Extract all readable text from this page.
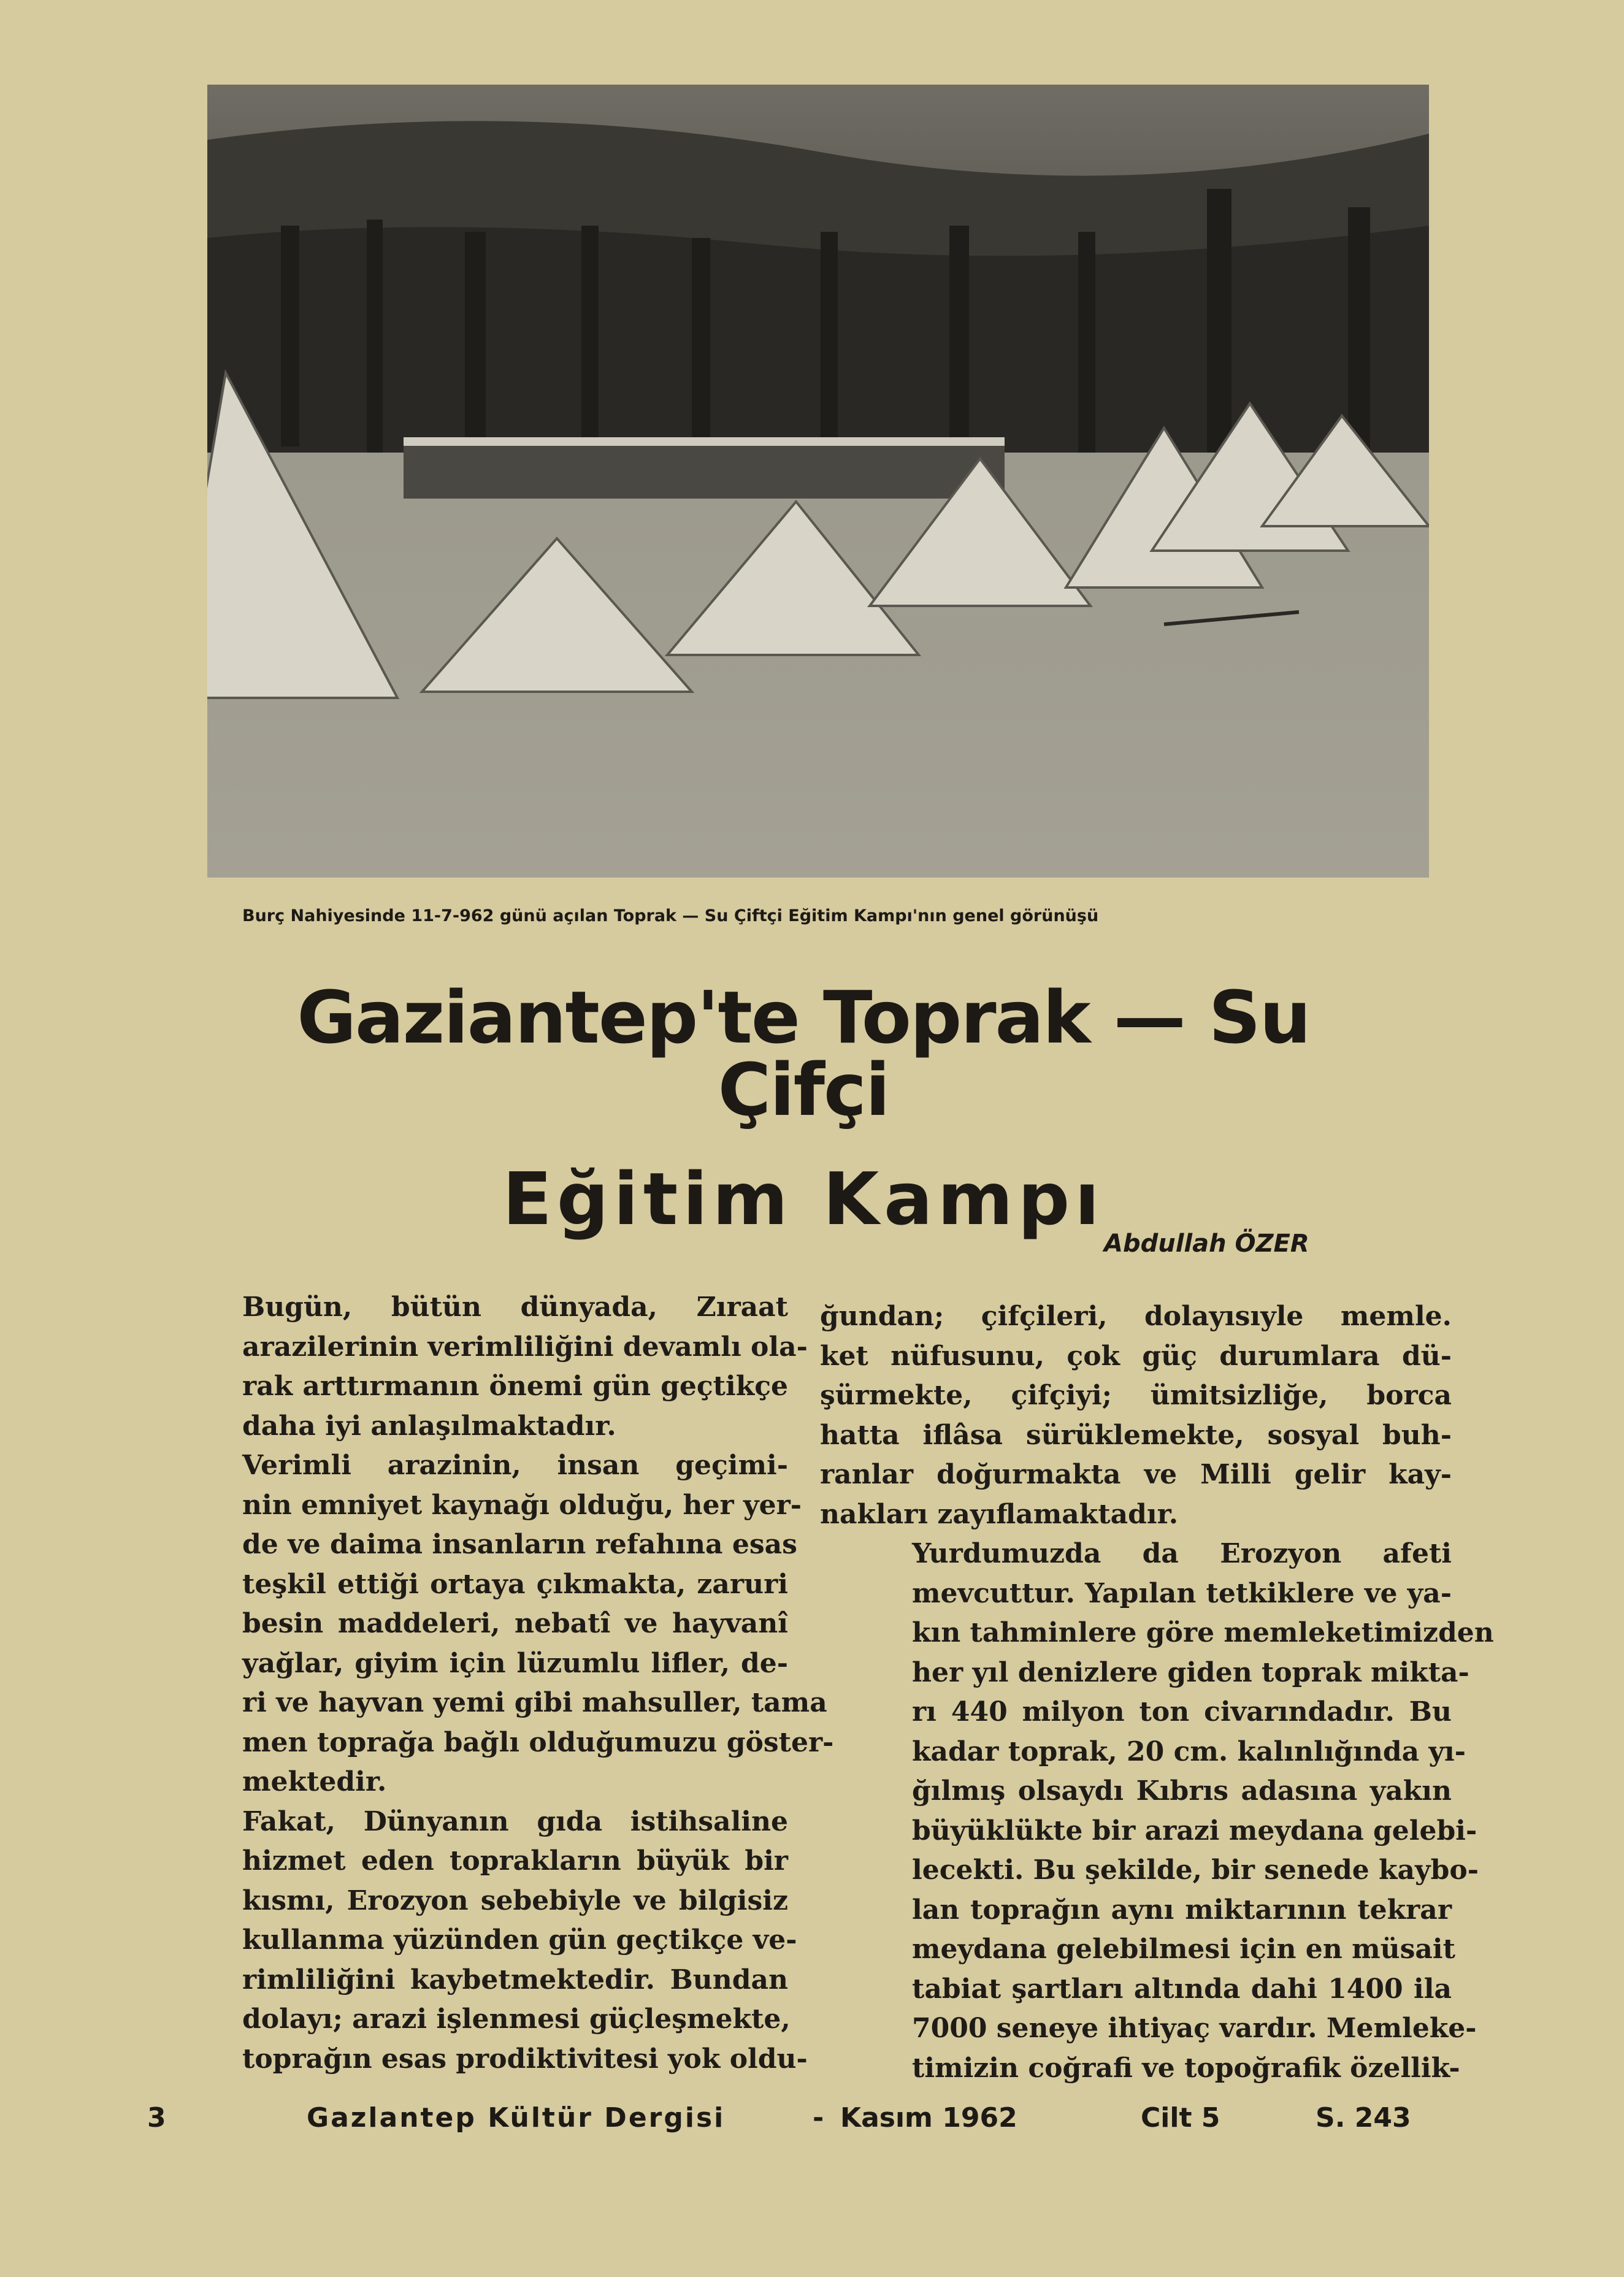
Burç Nahiyesinde 11-7-962 günü açılan Toprak — Su Çiftçi Eğitim Kampı'nın genel görünüşü
Gaziantep'te Toprak — Su Çifçi
Eğitim Kampı
Abdullah ÖZER

Bugün, bütün dünyada, Zıraat
arazilerinin verimliliğini devamlı ola-
rak arttırmanın önemi gün geçtikçe
daha iyi anlaşılmaktadır.

Verimli arazinin, insan geçimi-
nin emniyet kaynağı olduğu, her yer-
de ve daima insanların refahına esas
teşkil ettiği ortaya çıkmakta, zaruri
besin maddeleri, nebatî ve hayvanî
yağlar, giyim için lüzumlu lifler, de-
ri ve hayvan yemi gibi mahsuller, tama
men toprağa bağlı olduğumuzu göster-
mektedir.

Fakat, Dünyanın gıda istihsaline
hizmet eden toprakların büyük bir
kısmı, Erozyon sebebiyle ve bilgisiz
kullanma yüzünden gün geçtikçe ve-
rimliliğini kaybetmektedir. Bundan
dolayı; arazi işlenmesi güçleşmekte,
toprağın esas prodiktivitesi yok oldu-

ğundan; çifçileri, dolayısıyle memle.
ket nüfusunu, çok güç durumlara dü-
şürmekte, çifçiyi; ümitsizliğe, borca
hatta iflâsa sürüklemekte, sosyal buh-
ranlar doğurmakta ve Milli gelir kay-
nakları zayıflamaktadır.

Yurdumuzda da Erozyon afeti
mevcuttur. Yapılan tetkiklere ve ya-
kın tahminlere göre memleketimizden
her yıl denizlere giden toprak mikta-
rı 440 milyon ton civarındadır. Bu
kadar toprak, 20 cm. kalınlığında yı-
ğılmış olsaydı Kıbrıs adasına yakın
büyüklükte bir arazi meydana gelebi-
lecekti. Bu şekilde, bir senede kaybo-
lan toprağın aynı miktarının tekrar
meydana gelebilmesi için en müsait
tabiat şartları altında dahi 1400 ila
7000 seneye ihtiyaç vardır. Memleke-
timizin coğrafi ve topoğrafik özellik-

3	Gazlantep Kültür Dergisi	- Kasım 1962	Cilt 5	S. 243
